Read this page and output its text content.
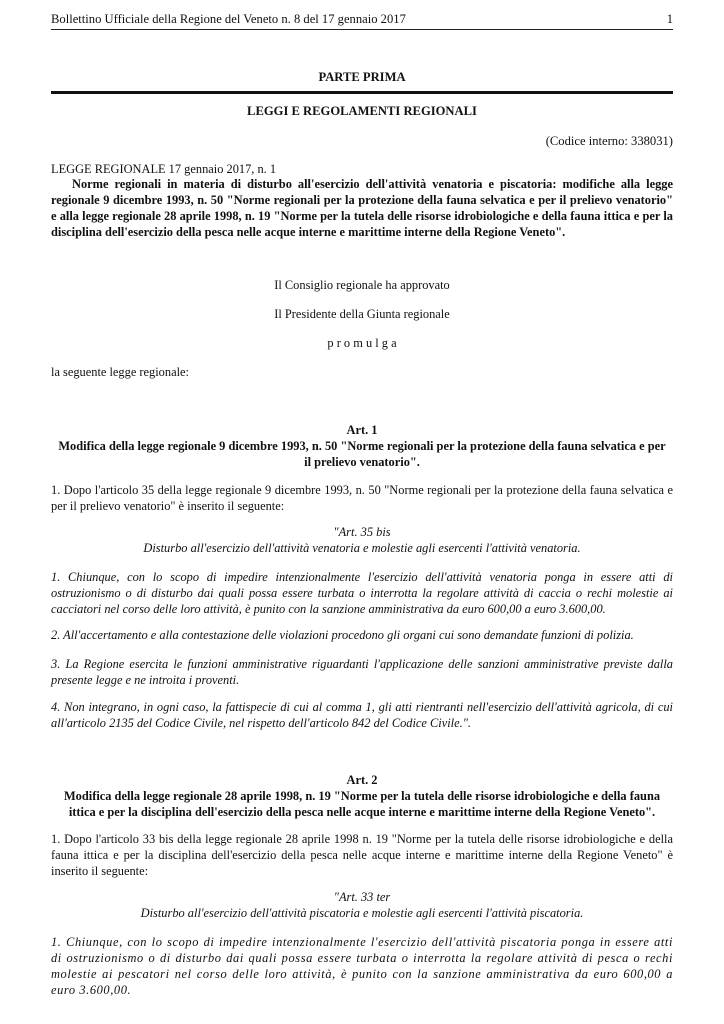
Bollettino Ufficiale della Regione del Veneto n. 8 del 17 gennaio 2017	1
PARTE PRIMA
LEGGI E REGOLAMENTI REGIONALI
(Codice interno: 338031)
LEGGE REGIONALE 17 gennaio 2017, n. 1
Norme regionali in materia di disturbo all'esercizio dell'attività venatoria e piscatoria: modifiche alla legge regionale 9 dicembre 1993, n. 50 "Norme regionali per la protezione della fauna selvatica e per il prelievo venatorio" e alla legge regionale 28 aprile 1998, n. 19 "Norme per la tutela delle risorse idrobiologiche e della fauna ittica e per la disciplina dell'esercizio della pesca nelle acque interne e marittime interne della Regione Veneto".
Il Consiglio regionale ha approvato
Il Presidente della Giunta regionale
p r o m u l g a
la seguente legge regionale:
Art. 1
Modifica della legge regionale 9 dicembre 1993, n. 50 "Norme regionali per la protezione della fauna selvatica e per il prelievo venatorio".
1. Dopo l'articolo 35 della legge regionale 9 dicembre 1993, n. 50 "Norme regionali per la protezione della fauna selvatica e per il prelievo venatorio" è inserito il seguente:
"Art. 35 bis
Disturbo all'esercizio dell'attività venatoria e molestie agli esercenti l'attività venatoria.
1. Chiunque, con lo scopo di impedire intenzionalmente l'esercizio dell'attività venatoria ponga in essere atti di ostruzionismo o di disturbo dai quali possa essere turbata o interrotta la regolare attività di caccia o rechi molestie ai cacciatori nel corso delle loro attività, è punito con la sanzione amministrativa da euro 600,00 a euro 3.600,00.
2. All'accertamento e alla contestazione delle violazioni procedono gli organi cui sono demandate funzioni di polizia.
3. La Regione esercita le funzioni amministrative riguardanti l'applicazione delle sanzioni amministrative previste dalla presente legge e ne introita i proventi.
4. Non integrano, in ogni caso, la fattispecie di cui al comma 1, gli atti rientranti nell'esercizio dell'attività agricola, di cui all'articolo 2135 del Codice Civile, nel rispetto dell'articolo 842 del Codice Civile.".
Art. 2
Modifica della legge regionale 28 aprile 1998, n. 19 "Norme per la tutela delle risorse idrobiologiche e della fauna ittica e per la disciplina dell'esercizio della pesca nelle acque interne e marittime interne della Regione Veneto".
1. Dopo l'articolo 33 bis della legge regionale 28 aprile 1998 n. 19 "Norme per la tutela delle risorse idrobiologiche e della fauna ittica e per la disciplina dell'esercizio della pesca nelle acque interne e marittime interne della Regione Veneto" è inserito il seguente:
"Art. 33 ter
Disturbo all'esercizio dell'attività piscatoria e molestie agli esercenti l'attività piscatoria.
1. Chiunque, con lo scopo di impedire intenzionalmente l'esercizio dell'attività piscatoria ponga in essere atti di ostruzionismo o di disturbo dai quali possa essere turbata o interrotta la regolare attività di pesca o rechi molestie ai pescatori nel corso delle loro attività, è punito con la sanzione amministrativa da euro 600,00 a euro 3.600,00.
